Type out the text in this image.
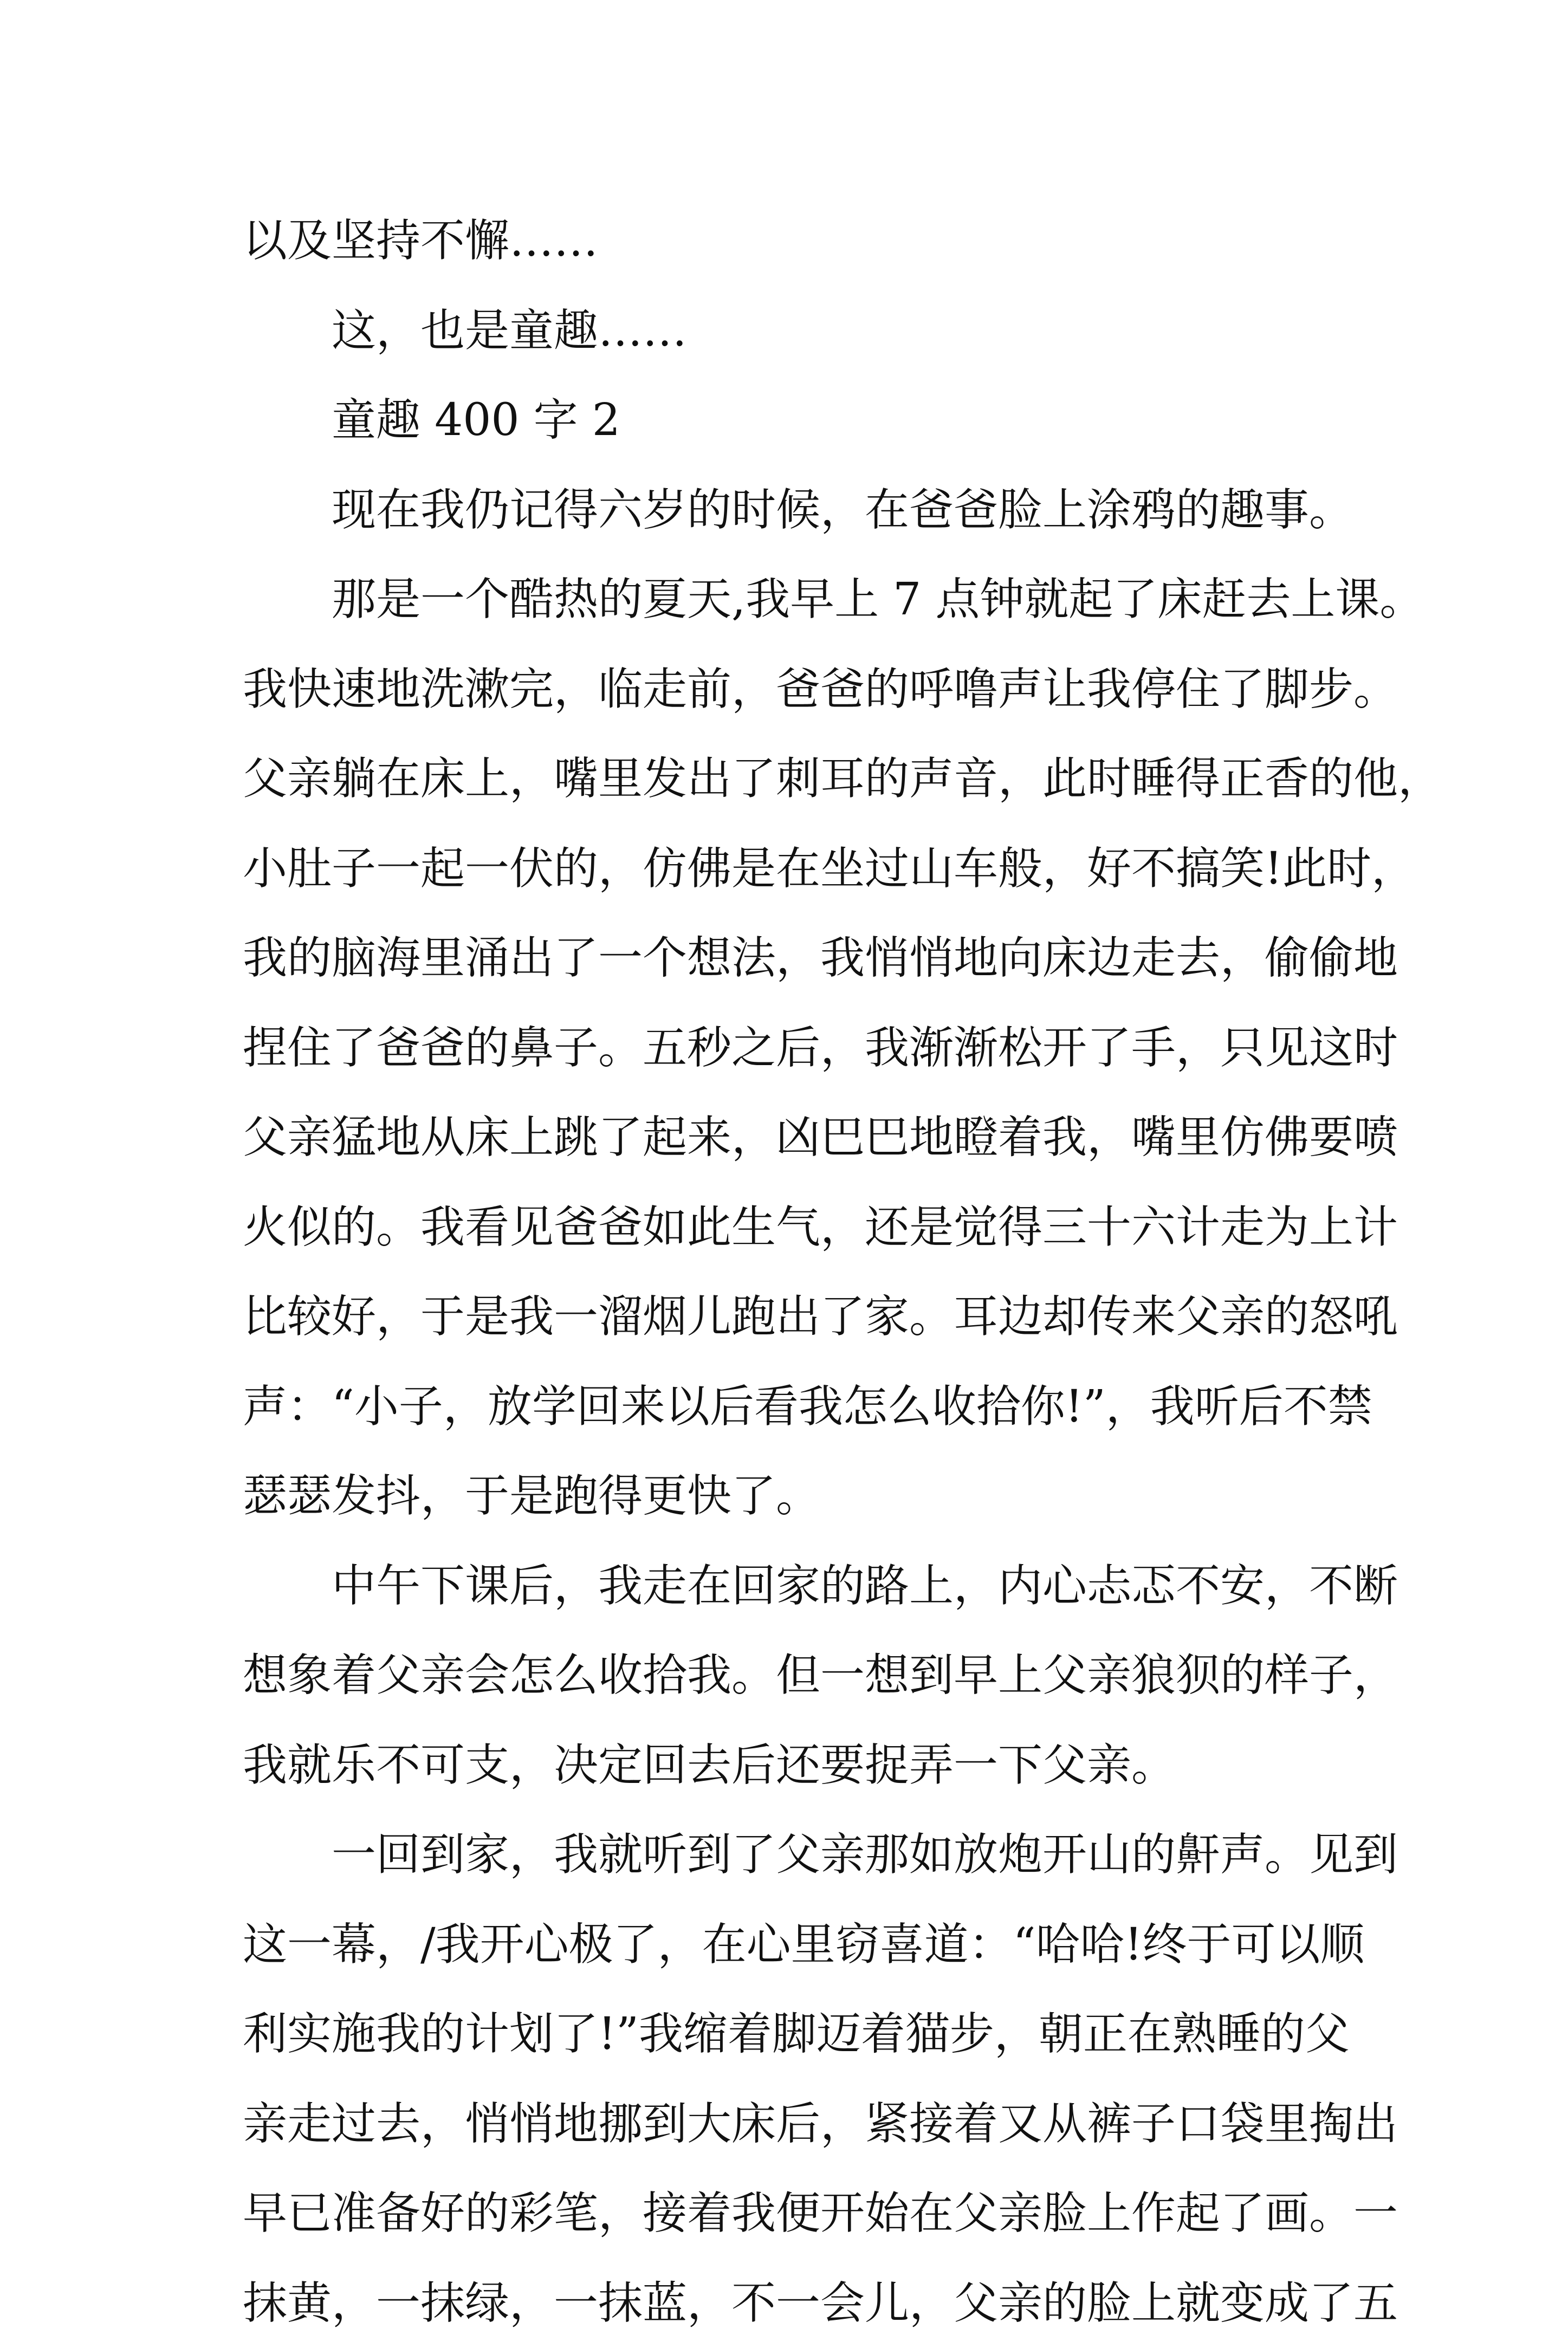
以及坚持不懈……
这，也是童趣……
童趣 400 字 2
现在我仍记得六岁的时候，在爸爸脸上涂鸦的趣事。
那是一个酷热的夏天,我早上 7 点钟就起了床赶去上课。
我快速地洗漱完，临走前，爸爸的呼噜声让我停住了脚步。
父亲躺在床上，嘴里发出了刺耳的声音，此时睡得正香的他，
小肚子一起一伏的，仿佛是在坐过山车般，好不搞笑!此时，
我的脑海里涌出了一个想法，我悄悄地向床边走去，偷偷地
捏住了爸爸的鼻子。五秒之后，我渐渐松开了手，只见这时
父亲猛地从床上跳了起来，凶巴巴地瞪着我，嘴里仿佛要喷
火似的。我看见爸爸如此生气，还是觉得三十六计走为上计
比较好，于是我一溜烟儿跑出了家。耳边却传来父亲的怒吼
声：“小子，放学回来以后看我怎么收拾你!”，我听后不禁
瑟瑟发抖，于是跑得更快了。
中午下课后，我走在回家的路上，内心忐忑不安，不断
想象着父亲会怎么收拾我。但一想到早上父亲狼狈的样子，
我就乐不可支，决定回去后还要捉弄一下父亲。
一回到家，我就听到了父亲那如放炮开山的鼾声。见到
这一幕，/我开心极了，在心里窃喜道：“哈哈!终于可以顺
利实施我的计划了!”我缩着脚迈着猫步，朝正在熟睡的父
亲走过去，悄悄地挪到大床后，紧接着又从裤子口袋里掏出
早已准备好的彩笔，接着我便开始在父亲脸上作起了画。一
抹黄，一抹绿，一抹蓝，不一会儿，父亲的脸上就变成了五
